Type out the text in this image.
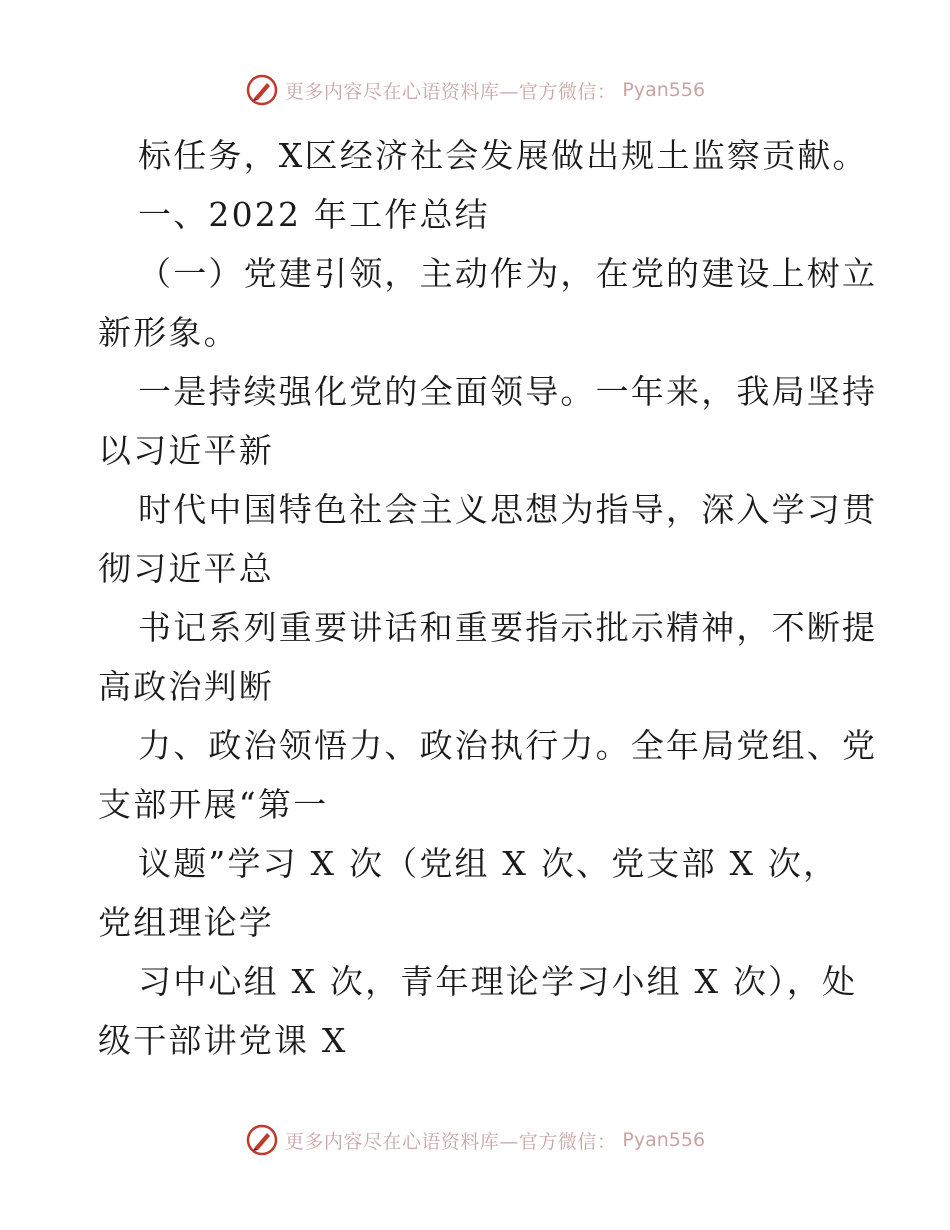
更多内容尽在心语资料库—官方微信： Pyan556
标任务，X区经济社会发展做出规土监察贡献。
一、2022 年工作总结
（一）党建引领，主动作为，在党的建设上树立
新形象。
一是持续强化党的全面领导。一年来，我局坚持
以习近平新
时代中国特色社会主义思想为指导，深入学习贯
彻习近平总
书记系列重要讲话和重要指示批示精神，不断提
高政治判断
力、政治领悟力、政治执行力。全年局党组、党
支部开展“第一
议题”学习 X 次（党组 X 次、党支部 X 次，
党组理论学
习中心组 X 次，青年理论学习小组 X 次），处
级干部讲党课 X
更多内容尽在心语资料库—官方微信： Pyan556
